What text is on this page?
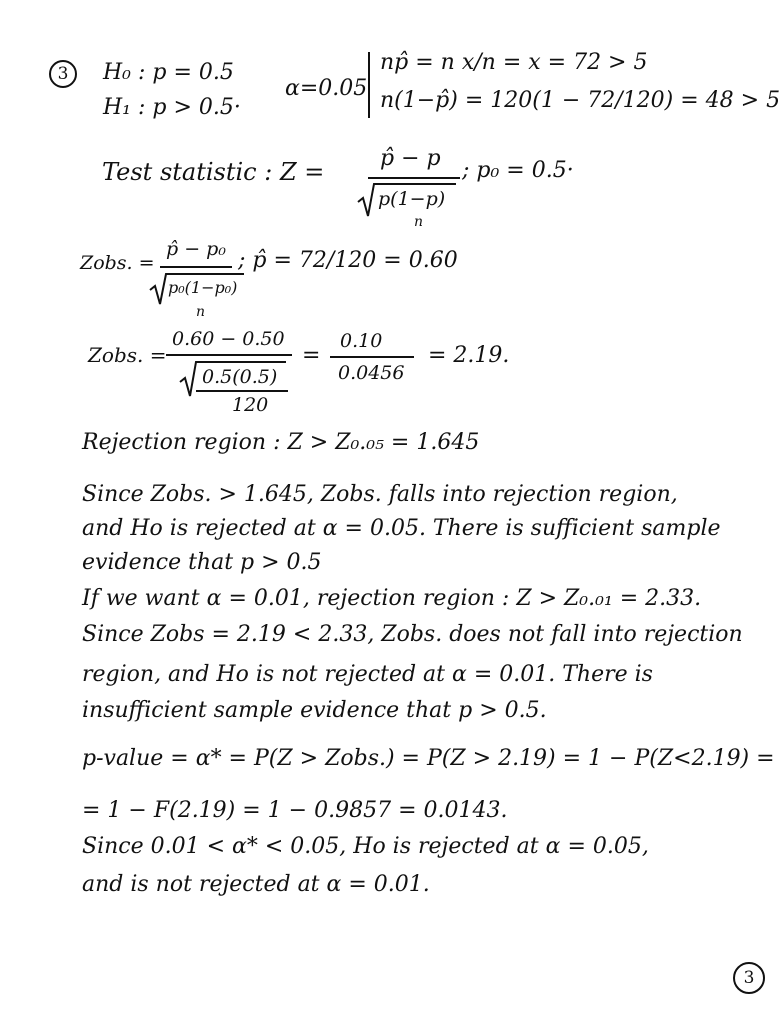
3 H₀ : p = 0.5
H₁ : p > 0.5·
α=0.05
np̂ = n x/n = x = 72 > 5
n(1−p̂) = 120(1 − 72/120) = 48 > 5
Test statistic : Z =	p̂ − p
p(1−p)
n
; p₀ = 0.5·
Zobs. =
p̂ − p₀
p₀(1−p₀)
n
; p̂ = 72/120 = 0.60
Zobs. =
0.60 − 0.50
0.5(0.5)
120
=
0.10
0.0456
= 2.19.
Rejection region : Z > Z₀.₀₅ = 1.645
Since Zobs. > 1.645, Zobs. falls into rejection region,
and Ho is rejected at α = 0.05. There is sufficient sample
evidence that p > 0.5
If we want α = 0.01, rejection region : Z > Z₀.₀₁ = 2.33.
Since Zobs = 2.19 < 2.33, Zobs. does not fall into rejection
region, and Ho is not rejected at α = 0.01. There is
insufficient sample evidence that p > 0.5.
p-value = α* = P(Z > Zobs.) = P(Z > 2.19) = 1 − P(Z<2.19) =
= 1 − F(2.19) = 1 − 0.9857 = 0.0143.
Since 0.01 < α* < 0.05, Ho is rejected at α = 0.05,
and is not rejected at α = 0.01.
3
